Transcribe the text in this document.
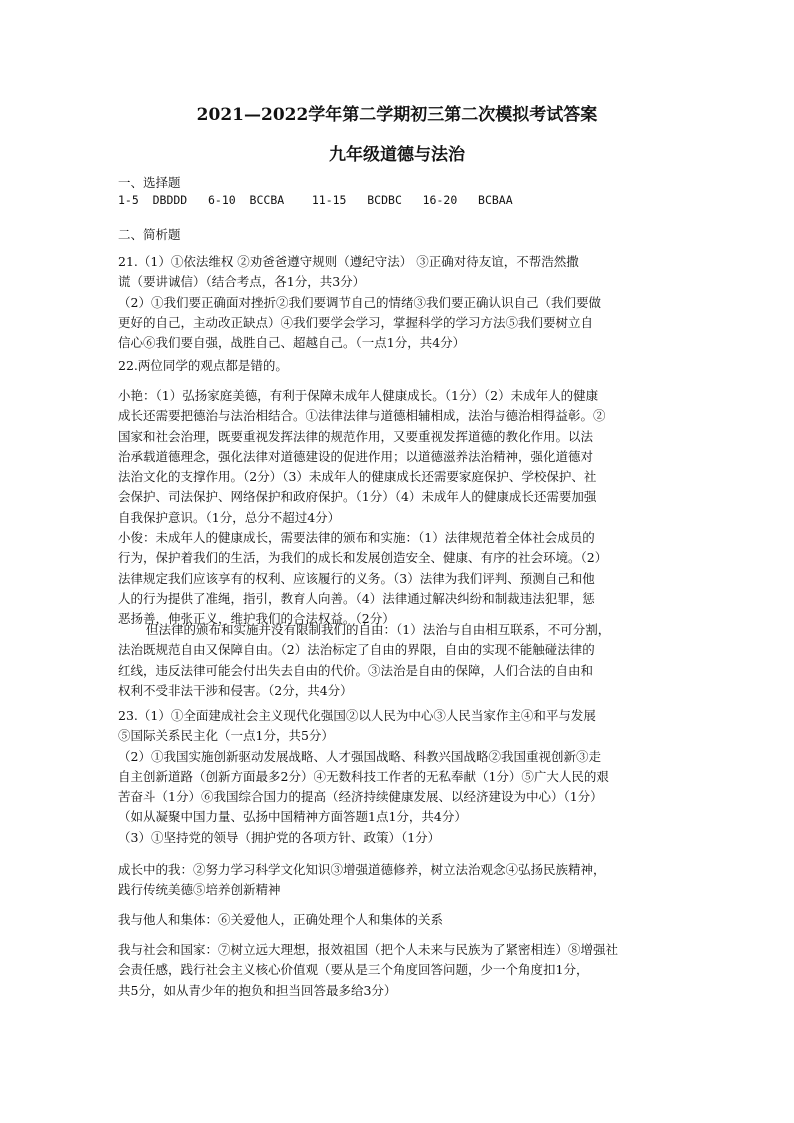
2021—2022学年第二学期初三第二次模拟考试答案
九年级道德与法治
一、选择题
1-5  DBDDD   6-10  BCCBA    11-15   BCDBC   16-20   BCBAA
二、简析题
21.（1）①依法维权 ②劝爸爸遵守规则（遵纪守法） ③正确对待友谊，不帮浩然撒
谎（要讲诚信）（结合考点，各1分，共3分）
（2）①我们要正确面对挫折②我们要调节自己的情绪③我们要正确认识自己（我们要做
更好的自己，主动改正缺点）④我们要学会学习，掌握科学的学习方法⑤我们要树立自
信心⑥我们要自强，战胜自己、超越自己。（一点1分，共4分）
22.两位同学的观点都是错的。
小艳：（1）弘扬家庭美德，有利于保障未成年人健康成长。（1分）（2）未成年人的健康
成长还需要把德治与法治相结合。①法律法律与道德相辅相成，法治与德治相得益彰。②
国家和社会治理，既要重视发挥法律的规范作用，又要重视发挥道德的教化作用。以法
治承载道德理念，强化法律对道德建设的促进作用；以道德滋养法治精神，强化道德对
法治文化的支撑作用。（2分）（3）未成年人的健康成长还需要家庭保护、学校保护、社
会保护、司法保护、网络保护和政府保护。（1分）（4）未成年人的健康成长还需要加强
自我保护意识。（1分，总分不超过4分）
小俊：未成年人的健康成长，需要法律的颁布和实施：（1）法律规范着全体社会成员的
行为，保护着我们的生活，为我们的成长和发展创造安全、健康、有序的社会环境。（2）
法律规定我们应该享有的权利、应该履行的义务。（3）法律为我们评判、预测自己和他
人的行为提供了准绳，指引，教育人向善。（4）法律通过解决纠纷和制裁违法犯罪，惩
恶扬善，伸张正义，维护我们的合法权益。（2分）
但法律的颁布和实施并没有限制我们的自由：（1）法治与自由相互联系，不可分割，
法治既规范自由又保障自由。（2）法治标定了自由的界限，自由的实现不能触碰法律的
红线，违反法律可能会付出失去自由的代价。③法治是自由的保障，人们合法的自由和
权利不受非法干涉和侵害。（2分，共4分）
23.（1）①全面建成社会主义现代化强国②以人民为中心③人民当家作主④和平与发展
⑤国际关系民主化（一点1分，共5分）
（2）①我国实施创新驱动发展战略、人才强国战略、科教兴国战略②我国重视创新③走
自主创新道路（创新方面最多2分）④无数科技工作者的无私奉献（1分）⑤广大人民的艰
苦奋斗（1分）⑥我国综合国力的提高（经济持续健康发展、以经济建设为中心）（1分）
（如从凝聚中国力量、弘扬中国精神方面答题1点1分，共4分）
（3）①坚持党的领导（拥护党的各项方针、政策）（1分）
成长中的我：②努力学习科学文化知识③增强道德修养，树立法治观念④弘扬民族精神，
践行传统美德⑤培养创新精神
我与他人和集体：⑥关爱他人，正确处理个人和集体的关系
我与社会和国家：⑦树立远大理想，报效祖国（把个人未来与民族为了紧密相连）⑧增强社
会责任感，践行社会主义核心价值观（要从是三个角度回答问题，少一个角度扣1分，
共5分，如从青少年的抱负和担当回答最多给3分）
